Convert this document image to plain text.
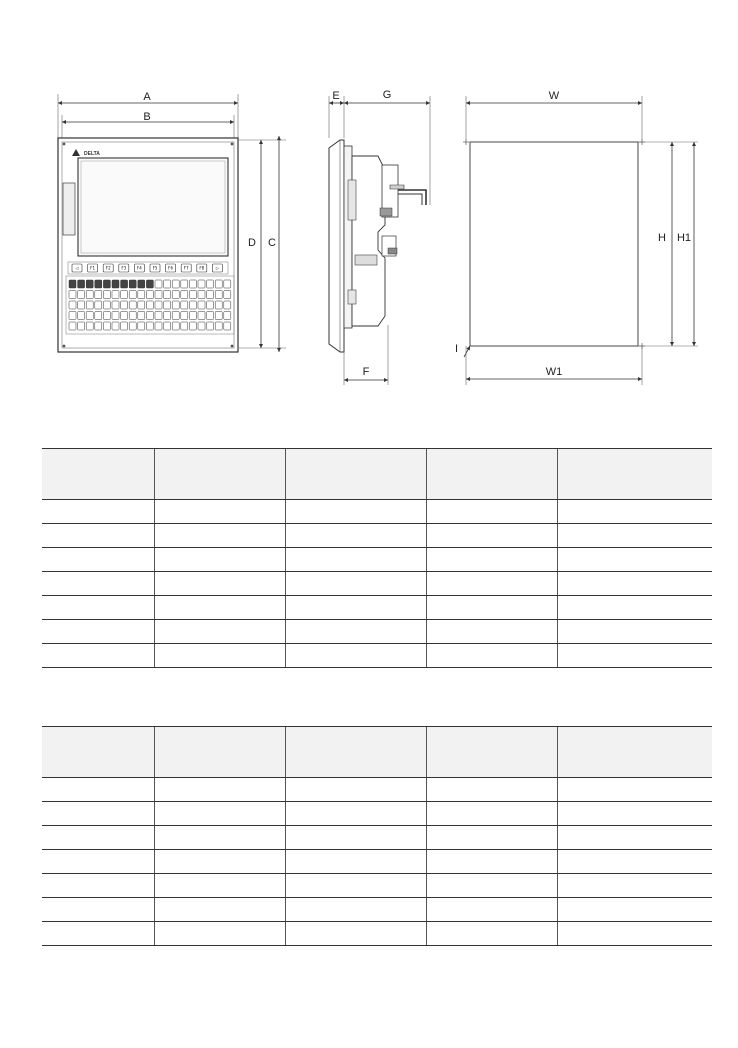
A
B
DELTA
◁	F1	F2	F3	F4	F5	F6	F7	F8	▷
D C
E	G
F
W
H H1
I
W1
